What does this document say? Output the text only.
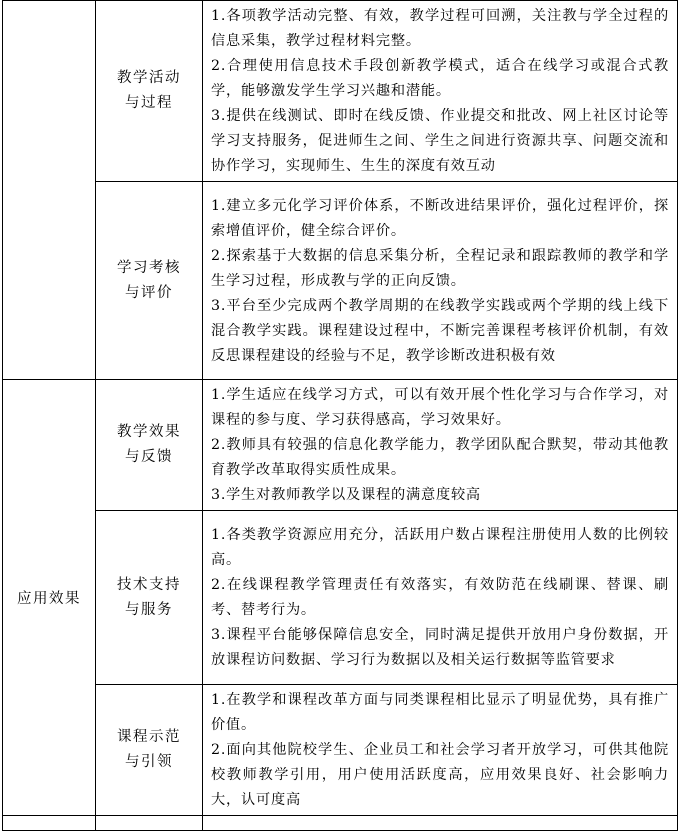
	教学活动与过程	1.各项教学活动完整、有效，教学过程可回溯，关注教与学全过程的信息采集，教学过程材料完整。

2.合理使用信息技术手段创新教学模式，适合在线学习或混合式教学，能够激发学生学习兴趣和潜能。

3.提供在线测试、即时在线反馈、作业提交和批改、网上社区讨论等学习支持服务，促进师生之间、学生之间进行资源共享、问题交流和协作学习，实现师生、生生的深度有效互动

	学习考核与评价	1.建立多元化学习评价体系，不断改进结果评价，强化过程评价，探索增值评价，健全综合评价。

2.探索基于大数据的信息采集分析，全程记录和跟踪教师的教学和学生学习过程，形成教与学的正向反馈。

3.平台至少完成两个教学周期的在线教学实践或两个学期的线上线下混合教学实践。课程建设过程中，不断完善课程考核评价机制，有效反思课程建设的经验与不足，教学诊断改进积极有效

应用效果	教学效果与反馈	1.学生适应在线学习方式，可以有效开展个性化学习与合作学习，对课程的参与度、学习获得感高，学习效果好。

2.教师具有较强的信息化教学能力，教学团队配合默契，带动其他教育教学改革取得实质性成果。

3.学生对教师教学以及课程的满意度较高

	技术支持与服务	1.各类教学资源应用充分，活跃用户数占课程注册使用人数的比例较高。

2.在线课程教学管理责任有效落实，有效防范在线刷课、替课、刷考、替考行为。

3.课程平台能够保障信息安全，同时满足提供开放用户身份数据，开放课程访问数据、学习行为数据以及相关运行数据等监管要求

	课程示范与引领	1.在教学和课程改革方面与同类课程相比显示了明显优势，具有推广价值。

2.面向其他院校学生、企业员工和社会学习者开放学习，可供其他院校教师教学引用，用户使用活跃度高，应用效果良好、社会影响力大，认可度高
